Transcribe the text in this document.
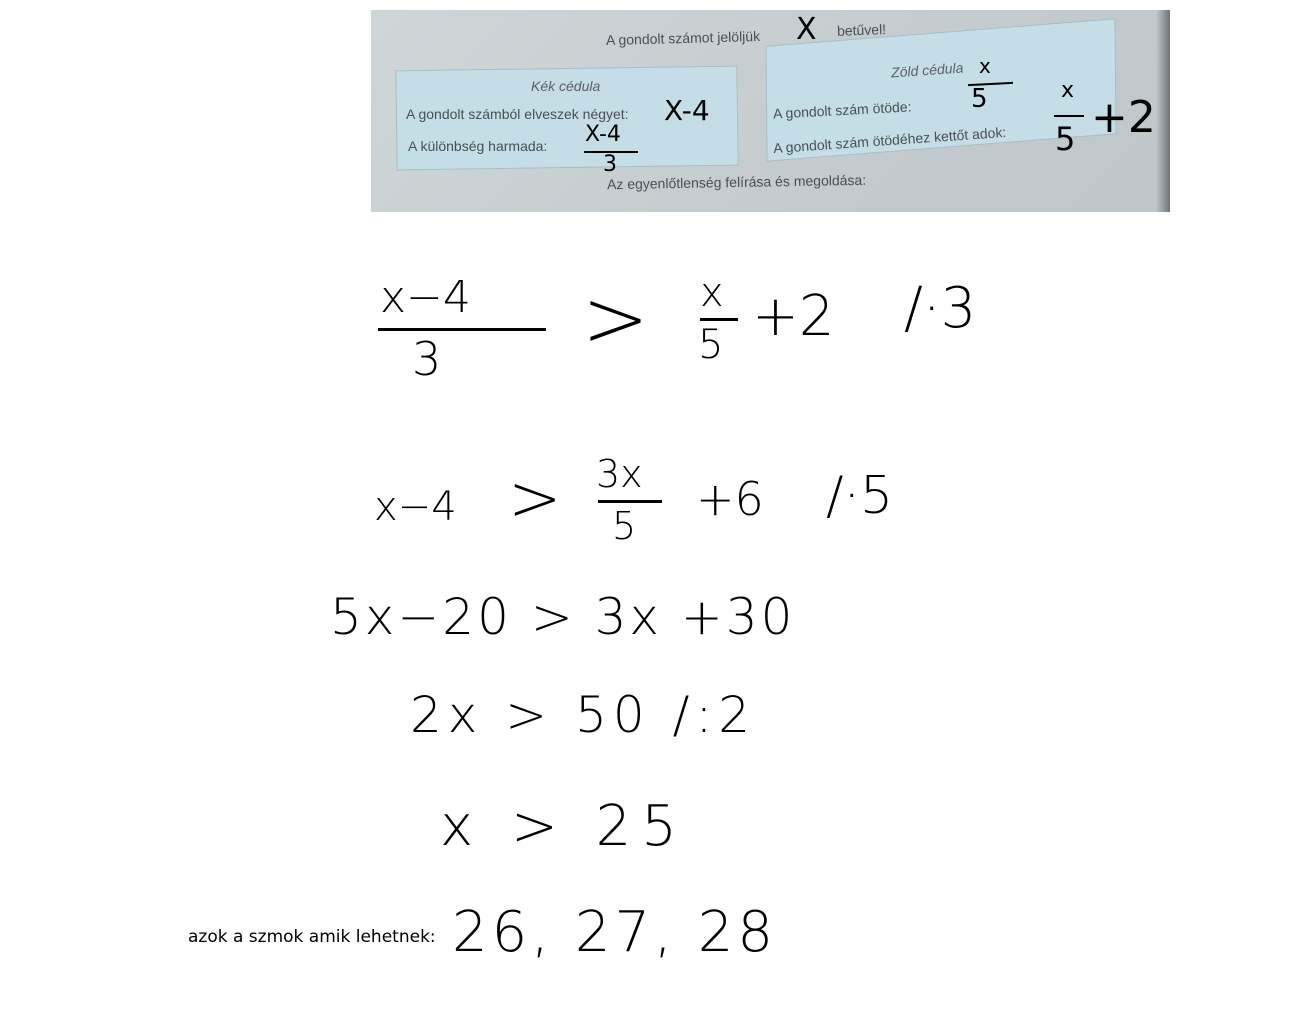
A gondolt számot jelöljük X betűvel!
Kék cédula
A gondolt számból elveszek négyet: X-4
A különbség harmada: X-4
3
Zöld cédula
A gondolt szám ötöde:
x
5
A gondolt szám ötödéhez kettőt adok:
x
5 +2
Az egyenlőtlenség felírása és megoldása:
x−4
3 > x
5 +2 /·3
x−4 > 3x
5 +6 /·5
5x−20 > 3x +30
2x > 50 /:2
x > 25
azok a szmok amik lehetnek: 26, 27, 28
